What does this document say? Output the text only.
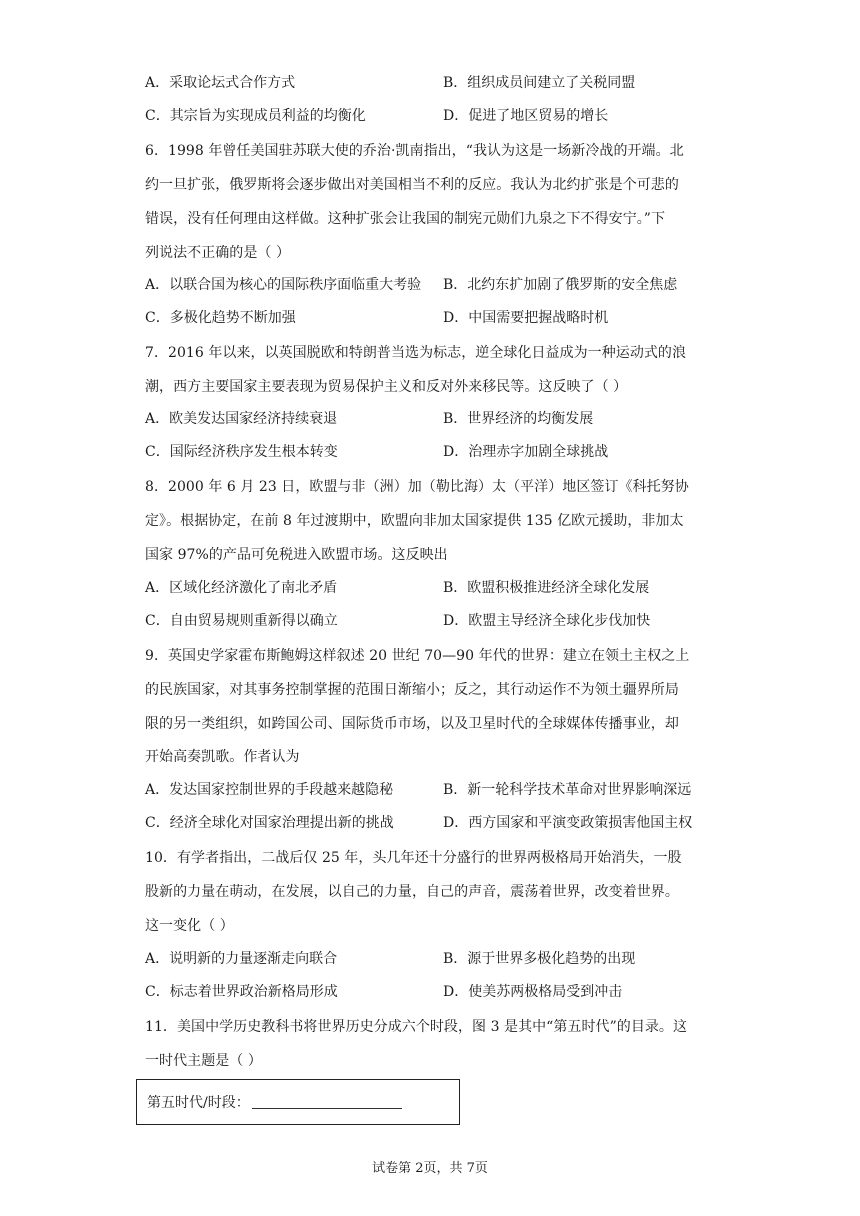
A．采取论坛式合作方式	B．组织成员间建立了关税同盟
C．其宗旨为实现成员利益的均衡化	D．促进了地区贸易的增长
6．1998 年曾任美国驻苏联大使的乔治·凯南指出，“我认为这是一场新冷战的开端。北
约一旦扩张，俄罗斯将会逐步做出对美国相当不利的反应。我认为北约扩张是个可悲的
错误，没有任何理由这样做。这种扩张会让我国的制宪元勋们九泉之下不得安宁。”下
列说法不正确的是（ ）
A．以联合国为核心的国际秩序面临重大考验 B．北约东扩加剧了俄罗斯的安全焦虑
C．多极化趋势不断加强	D．中国需要把握战略时机
7．2016 年以来，以英国脱欧和特朗普当选为标志，逆全球化日益成为一种运动式的浪
潮，西方主要国家主要表现为贸易保护主义和反对外来移民等。这反映了（ ）
A．欧美发达国家经济持续衰退	B．世界经济的均衡发展
C．国际经济秩序发生根本转变	D．治理赤字加剧全球挑战
8．2000 年 6 月 23 日，欧盟与非（洲）加（勒比海）太（平洋）地区签订《科托努协
定》。根据协定，在前 8 年过渡期中，欧盟向非加太国家提供 135 亿欧元援助，非加太
国家 97%的产品可免税进入欧盟市场。这反映出
A．区域化经济激化了南北矛盾	B．欧盟积极推进经济全球化发展
C．自由贸易规则重新得以确立	D．欧盟主导经济全球化步伐加快
9．英国史学家霍布斯鲍姆这样叙述 20 世纪 70—90 年代的世界：建立在领土主权之上
的民族国家，对其事务控制掌握的范围日渐缩小；反之，其行动运作不为领土疆界所局
限的另一类组织，如跨国公司、国际货币市场，以及卫星时代的全球媒体传播事业，却
开始高奏凯歌。作者认为
A．发达国家控制世界的手段越来越隐秘	B．新一轮科学技术革命对世界影响深远
C．经济全球化对国家治理提出新的挑战	D．西方国家和平演变政策损害他国主权
10．有学者指出，二战后仅 25 年，头几年还十分盛行的世界两极格局开始消失，一股
股新的力量在萌动，在发展，以自己的力量，自己的声音，震荡着世界，改变着世界。
这一变化（ ）
A．说明新的力量逐渐走向联合	B．源于世界多极化趋势的出现
C．标志着世界政治新格局形成	D．使美苏两极格局受到冲击
11．美国中学历史教科书将世界历史分成六个时段，图 3 是其中“第五时代”的目录。这
一时代主题是（ ）
第五时代/时段：
试卷第 2页，共 7页
